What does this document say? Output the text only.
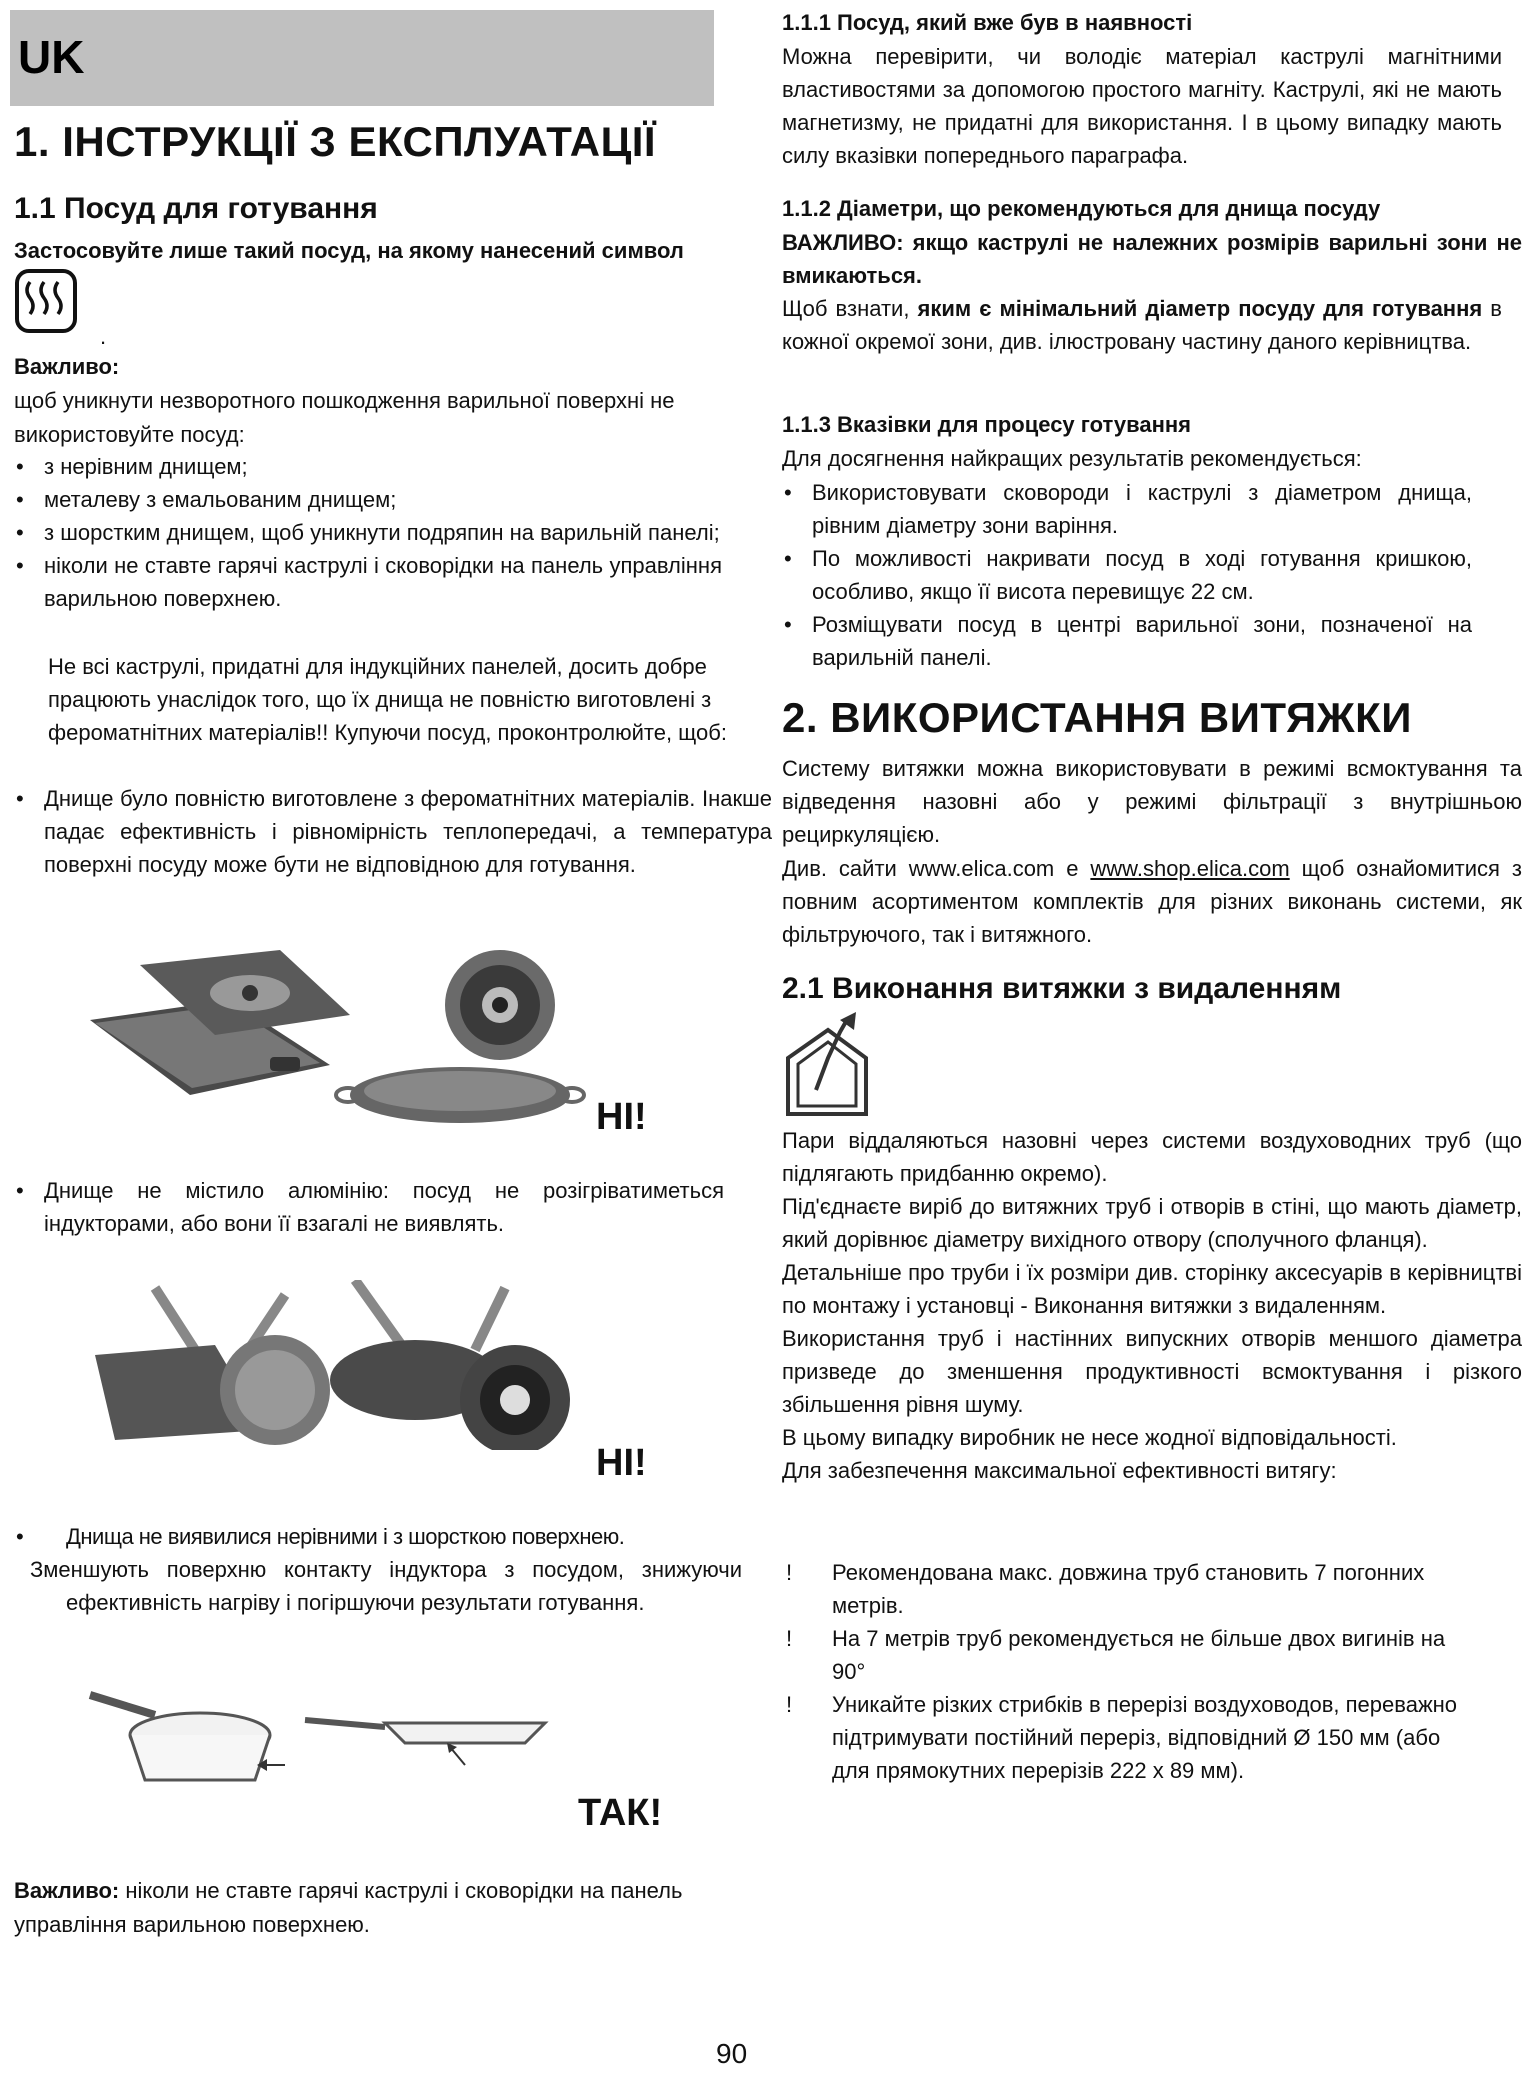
UK
1. ІНСТРУКЦІЇ З ЕКСПЛУАТАЦІЇ
1.1 Посуд для готування
Застосовуйте лише такий посуд, на якому нанесений символ
.
Важливо:
щоб уникнути незворотного пошкодження варильної поверхні не використовуйте посуд:
• з нерівним днищем;
• металеву з емальованим днищем;
• з шорстким днищем, щоб уникнути подряпин на варильній панелі;
• ніколи не ставте гарячі каструлі і сковорідки на панель управління варильною поверхнею.
Не всі каструлі, придатні для індукційних панелей, досить добре працюють унаслідок того, що їх днища не повністю виготовлені з фероматнітних матеріалів!! Купуючи посуд, проконтролюйте, щоб:
• Днище було повністю виготовлене з фероматнітних матеріалів. Інакше падає ефективність і рівномірність теплопередачі, а температура поверхні посуду може бути не відповідною для готування.
НІ!
• Днище не містило алюмінію: посуд не розігріватиметься індукторами, або вони її взагалі не виявлять.
НІ!
• Днища не виявилися нерівними і з шорсткою поверхнею.
Зменшують поверхню контакту індуктора з посудом, знижуючи ефективність нагріву і погіршуючи результати готування.
ТАК!
Важливо: ніколи не ставте гарячі каструлі і сковорідки на панель управління варильною поверхнею.
1.1.1 Посуд, який вже був в наявності
Можна перевірити, чи володіє матеріал каструлі магнітними властивостями за допомогою простого магніту. Каструлі, які не мають магнетизму, не придатні для використання. І в цьому випадку мають силу вказівки попереднього параграфа.
1.1.2 Діаметри, що рекомендуються для днища посуду
ВАЖЛИВО: якщо каструлі не належних розмірів варильні зони не вмикаються.
Щоб взнати, яким є мінімальний діаметр посуду для готування в кожної окремої зони, див. ілюстровану частину даного керівництва.
1.1.3 Вказівки для процесу готування
Для досягнення найкращих результатів рекомендується:
• Використовувати сковороди і каструлі з діаметром днища, рівним діаметру зони варіння.
• По можливості накривати посуд в ході готування кришкою, особливо, якщо її висота перевищує 22 см.
• Розміщувати посуд в центрі варильної зони, позначеної на варильній панелі.
2. ВИКОРИСТАННЯ ВИТЯЖКИ
Систему витяжки можна використовувати в режимі всмоктування та відведення назовні або у режимі фільтрації з внутрішньою рециркуляцією.
Див. сайти www.elica.com е www.shop.elica.com щоб ознайомитися з повним асортиментом комплектів для різних виконань системи, як фільтруючого, так і витяжного.
2.1 Виконання витяжки з видаленням
Пари віддаляються назовні через системи воздуховодних труб (що підлягають придбанню окремо).
Під'єднаєте виріб до витяжних труб і отворів в стіні, що мають діаметр, який дорівнює діаметру вихідного отвору (сполучного фланця).
Детальніше про труби і їх розміри див. сторінку аксесуарів в керівництві по монтажу і установці - Виконання витяжки з видаленням.
Використання труб і настінних випускних отворів меншого діаметра призведе до зменшення продуктивності всмоктування і різкого збільшення рівня шуму.
В цьому випадку виробник не несе жодної відповідальності.
Для забезпечення максимальної ефективності витягу:
! Рекомендована макс. довжина труб становить 7 погонних метрів.
! На 7 метрів труб рекомендується не більше двох вигинів на 90°
! Уникайте різких стрибків в перерізі воздуховодов, переважно підтримувати постійний переріз, відповідний Ø 150 мм (або для прямокутних перерізів 222 x 89 мм).
90
